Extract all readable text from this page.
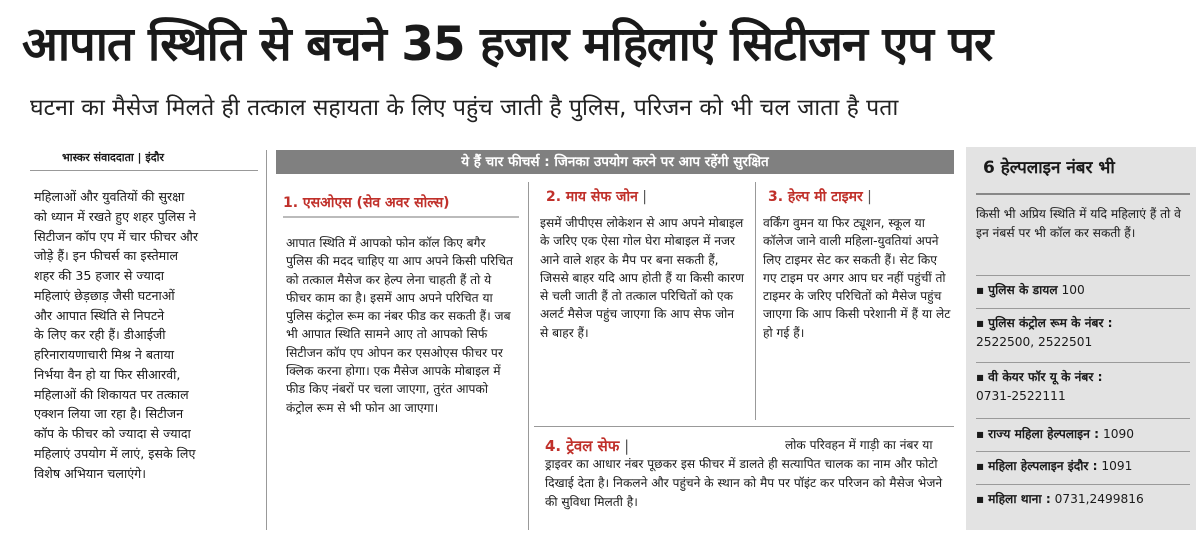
आपात स्थिति से बचने 35 हजार महिलाएं सिटीजन एप पर
घटना का मैसेज मिलते ही तत्काल सहायता के लिए पहुंच जाती है पुलिस, परिजन को भी चल जाता है पता
भास्कर संवाददाता | इंदौर

महिलाओं और युवतियों की सुरक्षा

को ध्यान में रखते हुए शहर पुलिस ने

सिटीजन कॉप एप में चार फीचर और

जोड़े हैं। इन फीचर्स का इस्तेमाल

शहर की 35 हजार से ज्यादा

महिलाएं छेड़छाड़ जैसी घटनाओं

और आपात स्थिति से निपटने

के लिए कर रही हैं। डीआईजी

हरिनारायणाचारी मिश्र ने बताया

निर्भया वैन हो या फिर सीआरवी,

महिलाओं की शिकायत पर तत्काल

एक्शन लिया जा रहा है। सिटीजन

कॉप के फीचर को ज्यादा से ज्यादा

महिलाएं उपयोग में लाएं, इसके लिए

विशेष अभियान चलाएंगे।

ये हैं चार फीचर्स : जिनका उपयोग करने पर आप रहेंगी सुरक्षित
1. एसओएस (सेव अवर सोल्स)
आपात स्थिति में आपको फोन कॉल किए बगैर पुलिस की मदद चाहिए या आप अपने किसी परिचित को तत्काल मैसेज कर हेल्प लेना चाहती हैं तो ये फीचर काम का है। इसमें आप अपने परिचित या पुलिस कंट्रोल रूम का नंबर फीड कर सकती हैं। जब भी आपात स्थिति सामने आए तो आपको सिर्फ सिटीजन कॉप एप ओपन कर एसओएस फीचर पर क्लिक करना होगा। एक मैसेज आपके मोबाइल में फीड किए नंबरों पर चला जाएगा, तुरंत आपको कंट्रोल रूम से भी फोन आ जाएगा।
2. माय सेफ जोन |
इसमें जीपीएस लोकेशन से आप अपने मोबाइल के जरिए एक ऐसा गोल घेरा मोबाइल में नजर आने वाले शहर के मैप पर बना सकती हैं, जिससे बाहर यदि आप होती हैं या किसी कारण से चली जाती हैं तो तत्काल परिचितों को एक अलर्ट मैसेज पहुंच जाएगा कि आप सेफ जोन से बाहर हैं।
3. हेल्प मी टाइमर |
वर्किंग वुमन या फिर ट्यूशन, स्कूल या कॉलेज जाने वाली महिला-युवतियां अपने लिए टाइमर सेट कर सकती हैं। सेट किए गए टाइम पर अगर आप घर नहीं पहुंचीं तो टाइमर के जरिए परिचितों को मैसेज पहुंच जाएगा कि आप किसी परेशानी में हैं या लेट हो गई हैं।
लोक परिवहन में गाड़ी का नंबर या ड्राइवर का आधार नंबर पूछकर इस फीचर में डालते ही सत्यापित चालक का नाम और फोटो दिखाई देता है। निकलने और पहुंचने के स्थान को मैप पर पॉइंट कर परिजन को मैसेज भेजने की सुविधा मिलती है।
4. ट्रेवल सेफ |
6 हेल्पलाइन नंबर भी
किसी भी अप्रिय स्थिति में यदि महिलाएं हैं तो वे इन नंबर्स पर भी कॉल कर सकती हैं।
▪ पुलिस के डायल 100
▪ पुलिस कंट्रोल रूम के नंबर :
2522500, 2522501
▪ वी केयर फॉर यू के नंबर :
0731-2522111
▪ राज्य महिला हेल्पलाइन : 1090
▪ महिला हेल्पलाइन इंदौर : 1091
▪ महिला थाना : 0731,2499816
